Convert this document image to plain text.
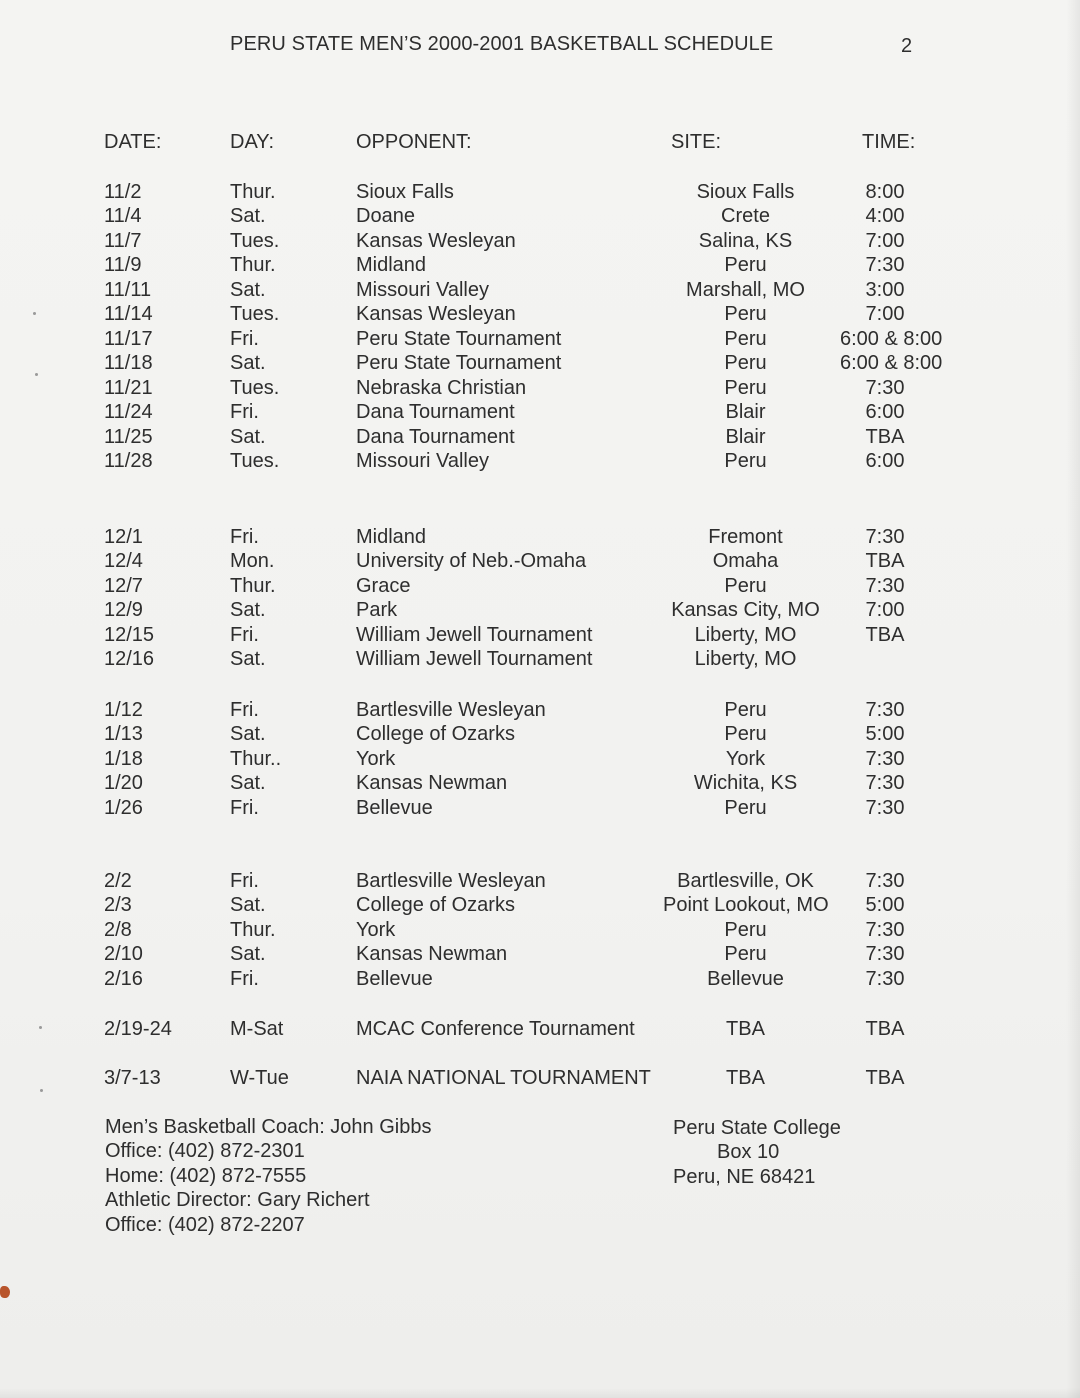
PERU STATE MEN’S 2000-2001 BASKETBALL SCHEDULE	2
DATE:	DAY:	OPPONENT:	SITE:	TIME:
11/2	Thur.	Sioux Falls	Sioux Falls	8:00
11/4	Sat.	Doane	Crete	4:00
11/7	Tues.	Kansas Wesleyan	Salina, KS	7:00
11/9	Thur.	Midland	Peru	7:30
11/11	Sat.	Missouri Valley	Marshall, MO	3:00
11/14	Tues.	Kansas Wesleyan	Peru	7:00
11/17	Fri.	Peru State Tournament	Peru	6:00 & 8:00
11/18	Sat.	Peru State Tournament	Peru	6:00 & 8:00
11/21	Tues.	Nebraska Christian	Peru	7:30
11/24	Fri.	Dana Tournament	Blair	6:00
11/25	Sat.	Dana Tournament	Blair	TBA
11/28	Tues.	Missouri Valley	Peru	6:00
12/1	Fri.	Midland	Fremont	7:30
12/4	Mon.	University of Neb.-Omaha	Omaha	TBA
12/7	Thur.	Grace	Peru	7:30
12/9	Sat.	Park	Kansas City, MO	7:00
12/15	Fri.	William Jewell Tournament	Liberty, MO	TBA
12/16	Sat.	William Jewell Tournament	Liberty, MO
1/12	Fri.	Bartlesville Wesleyan	Peru	7:30
1/13	Sat.	College of Ozarks	Peru	5:00
1/18	Thur..	York	York	7:30
1/20	Sat.	Kansas Newman	Wichita, KS	7:30
1/26	Fri.	Bellevue	Peru	7:30
2/2	Fri.	Bartlesville Wesleyan	Bartlesville, OK	7:30
2/3	Sat.	College of Ozarks	Point Lookout, MO	5:00
2/8	Thur.	York	Peru	7:30
2/10	Sat.	Kansas Newman	Peru	7:30
2/16	Fri.	Bellevue	Bellevue	7:30
2/19-24	M-Sat	MCAC Conference Tournament	TBA	TBA
3/7-13	W-Tue	NAIA NATIONAL TOURNAMENT	TBA	TBA
Men’s Basketball Coach: John Gibbs
Office: (402) 872-2301
Home: (402) 872-7555
Athletic Director: Gary Richert
Office: (402) 872-2207
Peru State College
Box 10
Peru, NE 68421
